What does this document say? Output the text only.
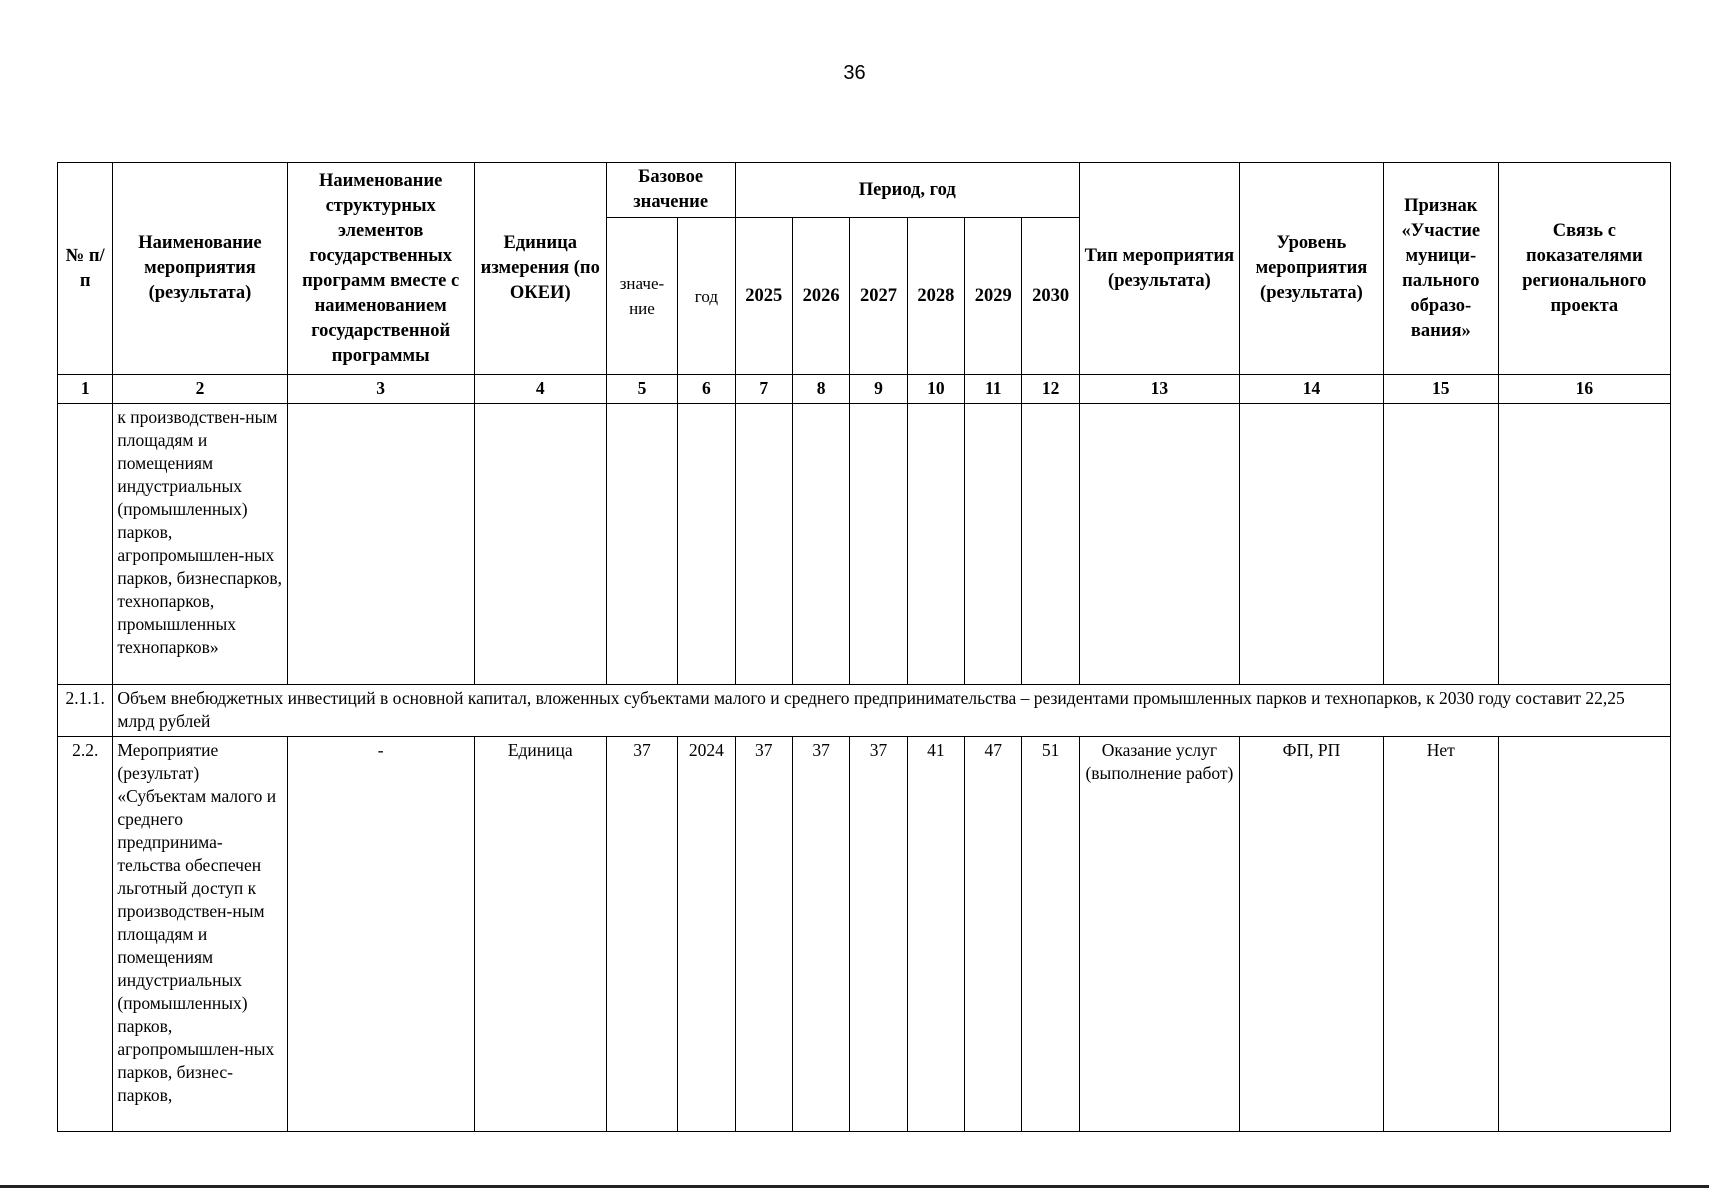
36
№ п/п	Наименование мероприятия (результата)	Наименование структурных элементов государственных программ вместе с наименованием государственной программы	Единица измерения (по ОКЕИ)	Базовое значение		Период, год						Тип мероприятия (результата)	Уровень мероприятия (результата)	Признак «Участие муници-пального образо-вания»	Связь с показателями регионального проекта
				значе-ние	год	2025	2026	2027	2028	2029	2030				
1	2	3	4	5	6	7	8	9	10	11	12	13	14	15	16
	к производствен-ным площадям и помещениям индустриальных (промышленных) парков, агропромышлен-ных парков, бизнеспарков, технопарков, промышленных технопарков»														
2.1.1.	Объем внебюджетных инвестиций в основной капитал, вложенных субъектами малого и среднего предпринимательства – резидентами промышленных парков и технопарков, к 2030 году составит 22,25 млрд рублей														
2.2.	Мероприятие (результат) «Субъектам малого и среднего предпринима-тельства обеспечен льготный доступ к производствен-ным площадям и помещениям индустриальных (промышленных) парков, агропромышлен-ных парков, бизнес-парков,	-	Единица	37	2024	37	37	37	41	47	51	Оказание услуг (выполнение работ)	ФП, РП	Нет	
